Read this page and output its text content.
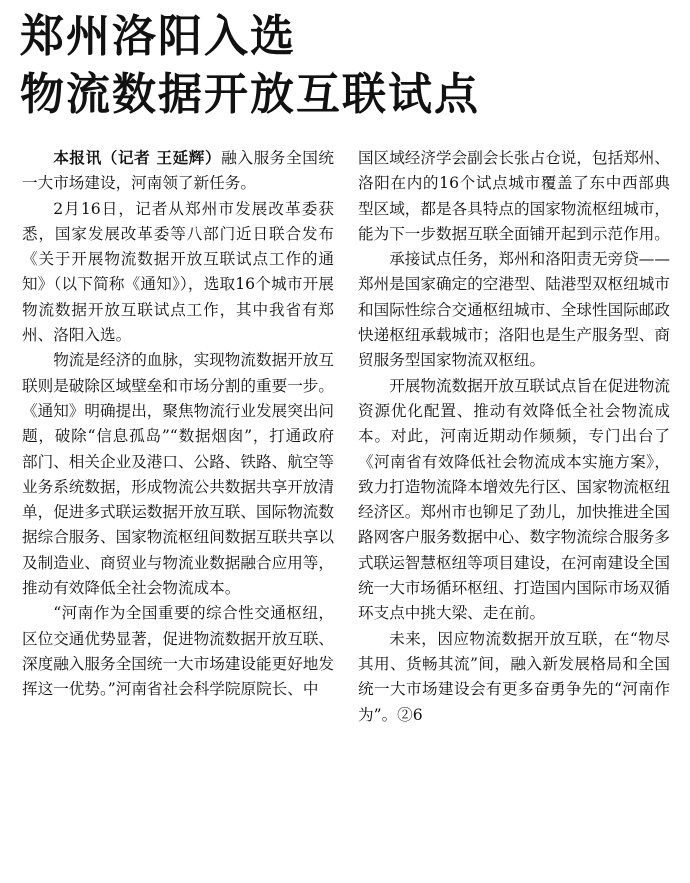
郑州洛阳入选
物流数据开放互联试点

本报讯（记者 王延辉）融入服务全国统一大市场建设，河南领了新任务。

2月16日，记者从郑州市发展改革委获悉，国家发展改革委等八部门近日联合发布《关于开展物流数据开放互联试点工作的通知》（以下简称《通知》），选取16个城市开展物流数据开放互联试点工作，其中我省有郑州、洛阳入选。

物流是经济的血脉，实现物流数据开放互联则是破除区域壁垒和市场分割的重要一步。《通知》明确提出，聚焦物流行业发展突出问题，破除“信息孤岛”“数据烟囱”，打通政府部门、相关企业及港口、公路、铁路、航空等业务系统数据，形成物流公共数据共享开放清单，促进多式联运数据开放互联、国际物流数据综合服务、国家物流枢纽间数据互联共享以及制造业、商贸业与物流业数据融合应用等，推动有效降低全社会物流成本。

“河南作为全国重要的综合性交通枢纽，区位交通优势显著，促进物流数据开放互联、深度融入服务全国统一大市场建设能更好地发挥这一优势。”河南省社会科学院原院长、中

国区域经济学会副会长张占仓说，包括郑州、洛阳在内的16个试点城市覆盖了东中西部典型区域，都是各具特点的国家物流枢纽城市，能为下一步数据互联全面铺开起到示范作用。

承接试点任务，郑州和洛阳责无旁贷——郑州是国家确定的空港型、陆港型双枢纽城市和国际性综合交通枢纽城市、全球性国际邮政快递枢纽承载城市；洛阳也是生产服务型、商贸服务型国家物流双枢纽。

开展物流数据开放互联试点旨在促进物流资源优化配置、推动有效降低全社会物流成本。对此，河南近期动作频频，专门出台了《河南省有效降低社会物流成本实施方案》，致力打造物流降本增效先行区、国家物流枢纽经济区。郑州市也铆足了劲儿，加快推进全国路网客户服务数据中心、数字物流综合服务多式联运智慧枢纽等项目建设，在河南建设全国统一大市场循环枢纽、打造国内国际市场双循环支点中挑大梁、走在前。

未来，因应物流数据开放互联，在“物尽其用、货畅其流”间，融入新发展格局和全国统一大市场建设会有更多奋勇争先的“河南作为”。②6
